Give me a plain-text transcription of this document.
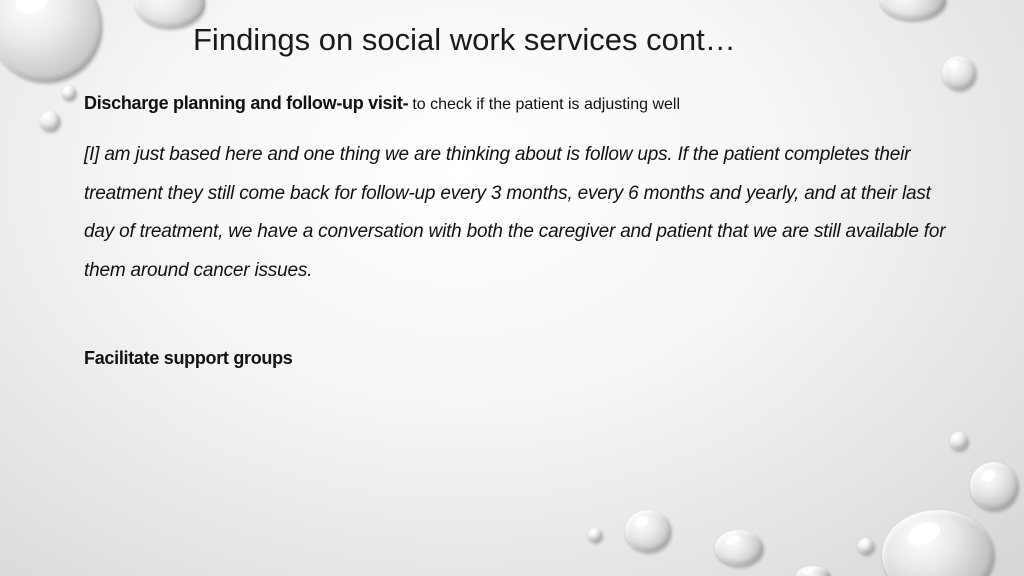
Findings on social work services cont…
Discharge planning and follow-up visit- to check if the patient is adjusting well

[I] am just based here and one thing we are thinking about is follow ups. If the patient completes their treatment they still come back for follow-up every 3 months, every 6 months and yearly, and at their last day of treatment, we have a conversation with both the caregiver and patient that we are still available for them around cancer issues.

Facilitate support groups
